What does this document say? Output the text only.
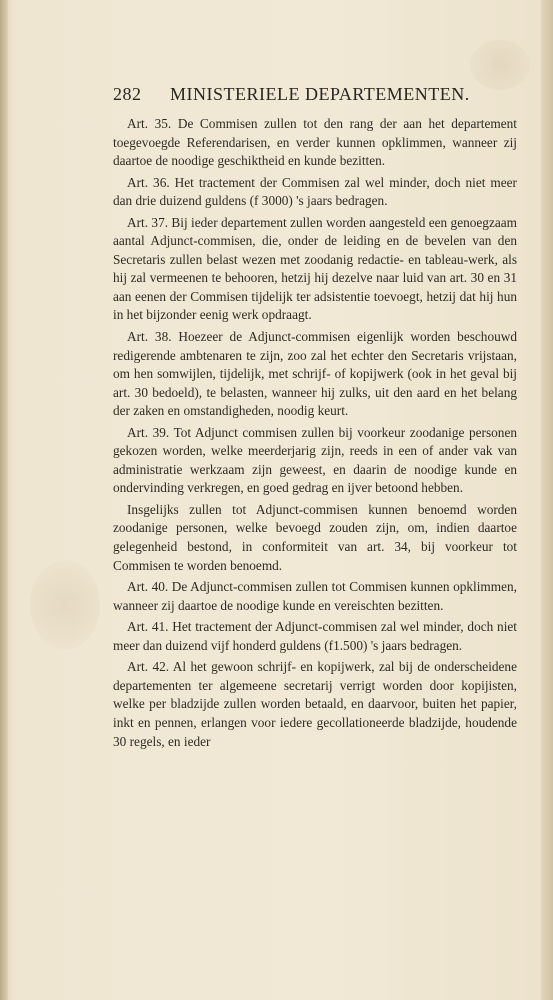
282 MINISTERIELE DEPARTEMENTEN.

Art. 35. De Commisen zullen tot den rang der aan het departement toegevoegde Referendarisen, en verder kunnen opklimmen, wanneer zij daartoe de noodige geschiktheid en kunde bezitten.

Art. 36. Het tractement der Commisen zal wel minder, doch niet meer dan drie duizend guldens (f 3000) 's jaars bedragen.

Art. 37. Bij ieder departement zullen worden aangesteld een genoegzaam aantal Adjunct-commisen, die, onder de leiding en de bevelen van den Secretaris zullen belast wezen met zoodanig redactie- en tableau-werk, als hij zal vermeenen te behooren, hetzij hij dezelve naar luid van art. 30 en 31 aan eenen der Commisen tijdelijk ter adsistentie toevoegt, hetzij dat hij hun in het bijzonder eenig werk opdraagt.

Art. 38. Hoezeer de Adjunct-commisen eigenlijk worden beschouwd redigerende ambtenaren te zijn, zoo zal het echter den Secretaris vrijstaan, om hen somwijlen, tijdelijk, met schrijf- of kopijwerk (ook in het geval bij art. 30 bedoeld), te belasten, wanneer hij zulks, uit den aard en het belang der zaken en omstandigheden, noodig keurt.

Art. 39. Tot Adjunct commisen zullen bij voorkeur zoodanige personen gekozen worden, welke meerderjarig zijn, reeds in een of ander vak van administratie werkzaam zijn geweest, en daarin de noodige kunde en ondervinding verkregen, en goed gedrag en ijver betoond hebben.

Insgelijks zullen tot Adjunct-commisen kunnen benoemd worden zoodanige personen, welke bevoegd zouden zijn, om, indien daartoe gelegenheid bestond, in conformiteit van art. 34, bij voorkeur tot Commisen te worden benoemd.

Art. 40. De Adjunct-commisen zullen tot Commisen kunnen opklimmen, wanneer zij daartoe de noodige kunde en vereischten bezitten.

Art. 41. Het tractement der Adjunct-commisen zal wel minder, doch niet meer dan duizend vijf honderd guldens (f1.500) 's jaars bedragen.

Art. 42. Al het gewoon schrijf- en kopijwerk, zal bij de onderscheidene departementen ter algemeene secretarij verrigt worden door kopijisten, welke per bladzijde zullen worden betaald, en daarvoor, buiten het papier, inkt en pennen, erlangen voor iedere gecollationeerde bladzijde, houdende 30 regels, en ieder
